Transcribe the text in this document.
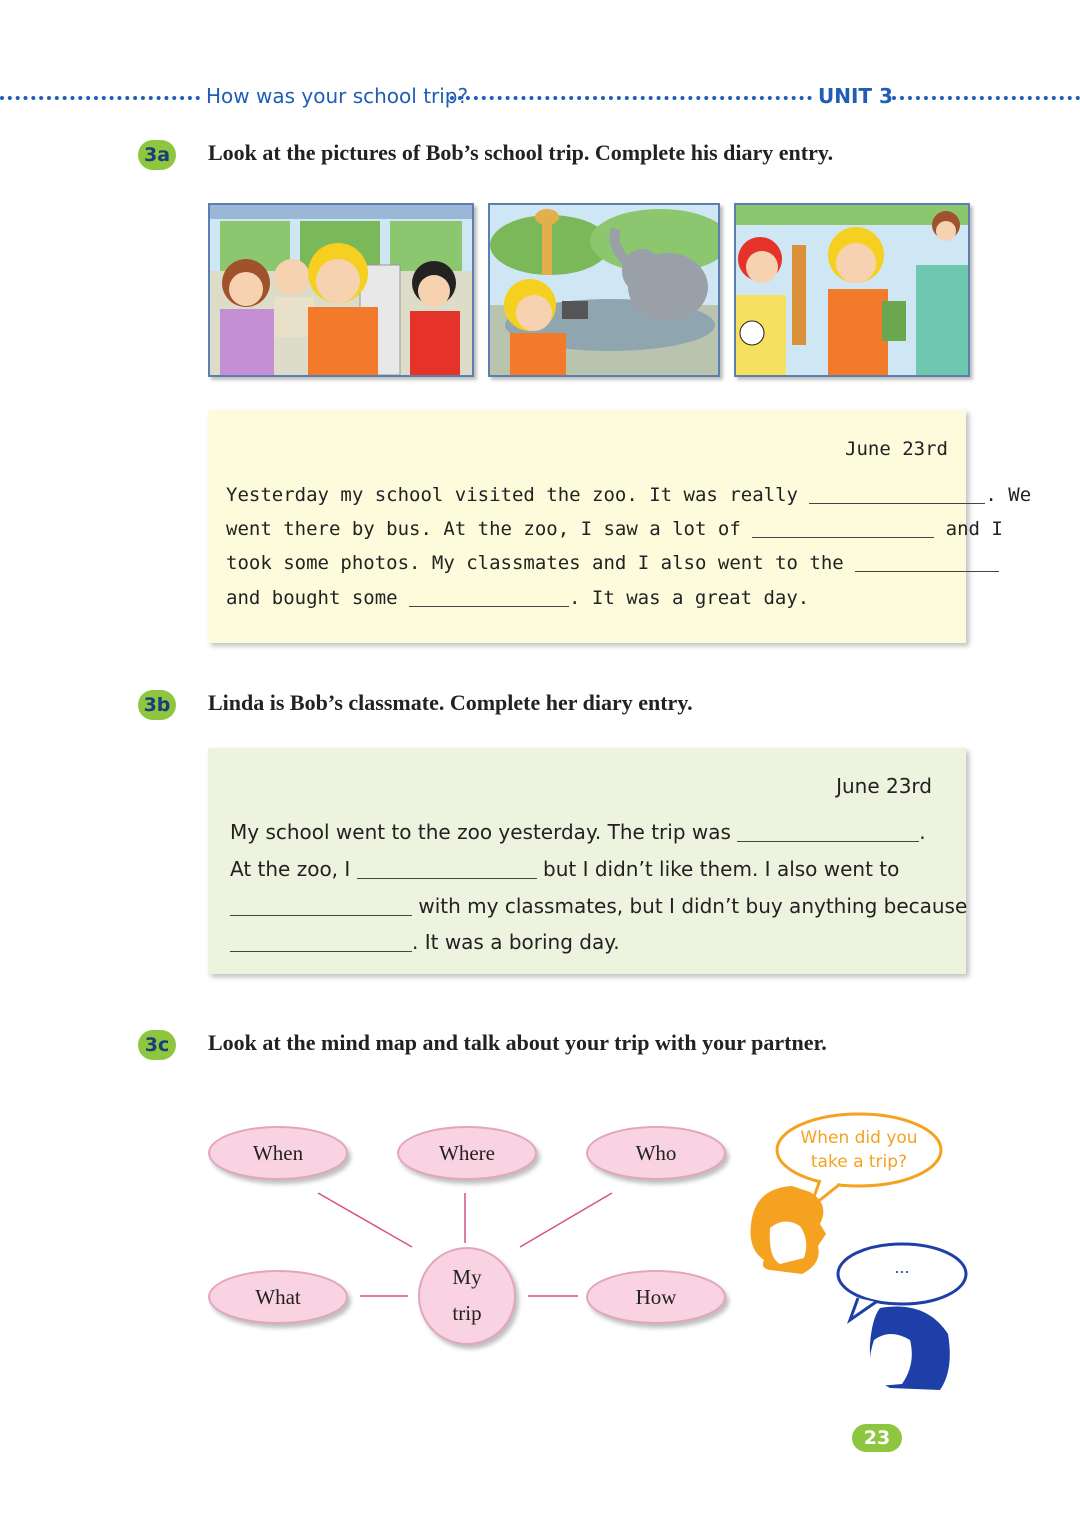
How was your school trip?	UNIT 3
3a Look at the pictures of Bob’s school trip. Complete his diary entry.
June 23rd
Yesterday my school visited the zoo. It was really	. We
went there by bus. At the zoo, I saw a lot of	and I
took some photos. My classmates and I also went to the
and bought some	. It was a great day.
3b Linda is Bob’s classmate. Complete her diary entry.
June 23rd
My school went to the zoo yesterday. The trip was	.
At the zoo, I	but I didn’t like them. I also went to
with my classmates, but I didn’t buy anything because
. It was a boring day.
3c	Look at the mind map and talk about your trip with your partner.
When	Where	Who
What	How
My
trip
When did you
take a trip?
...
23
